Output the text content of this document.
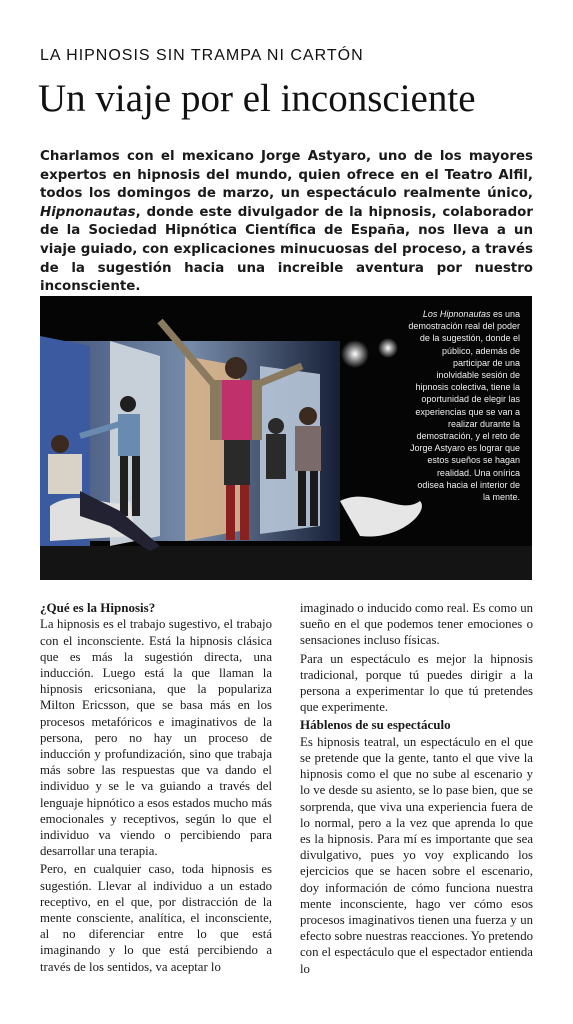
LA HIPNOSIS SIN TRAMPA NI CARTÓN
Un viaje por el inconsciente
Charlamos con el mexicano Jorge Astyaro, uno de los mayores expertos en hipnosis del mundo, quien ofrece en el Teatro Alfil, todos los domingos de marzo, un espectáculo realmente único, Hipnonautas, donde este divulgador de la hipnosis, colaborador de la Sociedad Hipnótica Científica de España, nos lleva a un viaje guiado, con explicaciones minucuosas del proceso, a través de la sugestión hacia una increible aventura por nuestro inconsciente.
Los Hipnonautas es una demostración real del poder de la sugestión, donde el público, además de participar de una inolvidable sesión de hipnosis colectiva, tiene la oportunidad de elegir las experiencias que se van a realizar durante la demostración, y el reto de Jorge Astyaro es lograr que estos sueños se hagan realidad. Una onírica odisea hacia el interior de la mente.
¿Qué es la Hipnosis?

La hipnosis es el trabajo sugestivo, el trabajo con el inconsciente. Está la hipnosis clásica que es más la sugestión directa, una inducción. Luego está la que llaman la hipnosis ericsoniana, que la populariza Milton Ericsson, que se basa más en los procesos metafóricos e imaginativos de la persona, pero no hay un proceso de inducción y profundización, sino que trabaja más sobre las respuestas que va dando el individuo y se le va guiando a través del lenguaje hipnótico a esos estados mucho más emocionales y receptivos, según lo que el individuo va viendo o percibiendo para desarrollar una terapia.

Pero, en cualquier caso, toda hipnosis es sugestión. Llevar al individuo a un estado receptivo, en el que, por distracción de la mente consciente, analítica, el inconsciente, al no diferenciar entre lo que está imaginando y lo que está percibiendo a través de los sentidos, va aceptar lo

imaginado o inducido como real. Es como un sueño en el que podemos tener emociones o sensaciones incluso físicas.

Para un espectáculo es mejor la hipnosis tradicional, porque tú puedes dirigir a la persona a experimentar lo que tú pretendes que experimente.

Háblenos de su espectáculo

Es hipnosis teatral, un espectáculo en el que se pretende que la gente, tanto el que vive la hipnosis como el que no sube al escenario y lo ve desde su asiento, se lo pase bien, que se sorprenda, que viva una experiencia fuera de lo normal, pero a la vez que aprenda lo que es la hipnosis. Para mí es importante que sea divulgativo, pues yo voy explicando los ejercicios que se hacen sobre el escenario, doy información de cómo funciona nuestra mente inconsciente, hago ver cómo esos procesos imaginativos tienen una fuerza y un efecto sobre nuestras reacciones. Yo pretendo con el espectáculo que el espectador entienda lo
